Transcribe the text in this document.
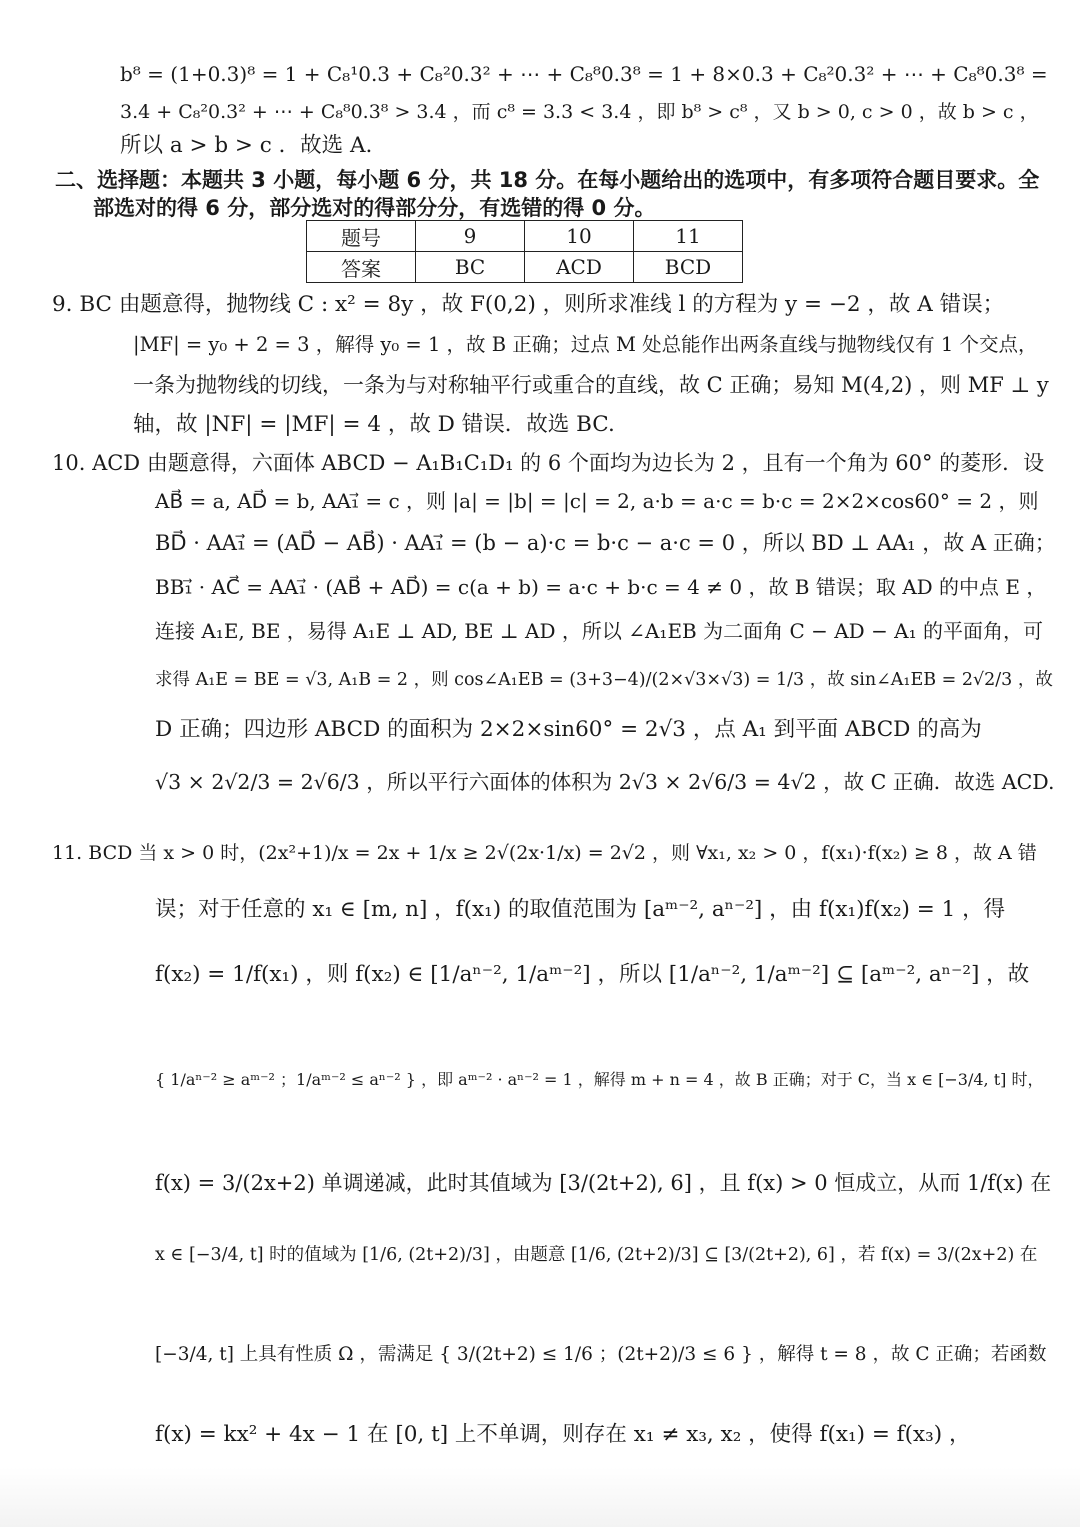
b⁸ = (1+0.3)⁸ = 1 + C₈¹0.3 + C₈²0.3² + ⋯ + C₈⁸0.3⁸ = 1 + 8×0.3 + C₈²0.3² + ⋯ + C₈⁸0.3⁸ =
3.4 + C₈²0.3² + ⋯ + C₈⁸0.3⁸ > 3.4 ，而 c⁸ = 3.3 < 3.4 ，即 b⁸ > c⁸ ，又 b > 0, c > 0 ，故 b > c ，
所以 a > b > c ．故选 A.
二、选择题：本题共 3 小题，每小题 6 分，共 18 分。在每小题给出的选项中，有多项符合题目要求。全
部选对的得 6 分，部分选对的得部分分，有选错的得 0 分。
题号	9	10	11
答案	BC	ACD	BCD
9. BC 由题意得，抛物线 C : x² = 8y ，故 F(0,2) ，则所求准线 l 的方程为 y = −2 ，故 A 错误；
|MF| = y₀ + 2 = 3 ，解得 y₀ = 1 ，故 B 正确；过点 M 处总能作出两条直线与抛物线仅有 1 个交点，
一条为抛物线的切线，一条为与对称轴平行或重合的直线，故 C 正确；易知 M(4,2) ，则 MF ⊥ y
轴，故 |NF| = |MF| = 4 ，故 D 错误．故选 BC.
10. ACD 由题意得，六面体 ABCD − A₁B₁C₁D₁ 的 6 个面均为边长为 2 ，且有一个角为 60° 的菱形．设
AB⃗ = a, AD⃗ = b, AA₁⃗ = c ，则 |a| = |b| = |c| = 2, a·b = a·c = b·c = 2×2×cos60° = 2 ，则
BD⃗ · AA₁⃗ = (AD⃗ − AB⃗) · AA₁⃗ = (b − a)·c = b·c − a·c = 0 ，所以 BD ⊥ AA₁ ，故 A 正确；
BB₁⃗ · AC⃗ = AA₁⃗ · (AB⃗ + AD⃗) = c(a + b) = a·c + b·c = 4 ≠ 0 ，故 B 错误；取 AD 的中点 E ，
连接 A₁E, BE ，易得 A₁E ⊥ AD, BE ⊥ AD ，所以 ∠A₁EB 为二面角 C − AD − A₁ 的平面角，可
求得 A₁E = BE = √3, A₁B = 2 ，则 cos∠A₁EB = (3+3−4)/(2×√3×√3) = 1/3 ，故 sin∠A₁EB = 2√2/3 ，故
D 正确；四边形 ABCD 的面积为 2×2×sin60° = 2√3 ，点 A₁ 到平面 ABCD 的高为
√3 × 2√2/3 = 2√6/3 ，所以平行六面体的体积为 2√3 × 2√6/3 = 4√2 ，故 C 正确．故选 ACD.
11. BCD 当 x > 0 时，(2x²+1)/x = 2x + 1/x ≥ 2√(2x·1/x) = 2√2 ，则 ∀x₁, x₂ > 0 ，f(x₁)·f(x₂) ≥ 8 ，故 A 错
误；对于任意的 x₁ ∈ [m, n] ，f(x₁) 的取值范围为 [aᵐ⁻², aⁿ⁻²] ，由 f(x₁)f(x₂) = 1 ，得
f(x₂) = 1/f(x₁) ，则 f(x₂) ∈ [1/aⁿ⁻², 1/aᵐ⁻²] ，所以 [1/aⁿ⁻², 1/aᵐ⁻²] ⊆ [aᵐ⁻², aⁿ⁻²] ，故
{ 1/aⁿ⁻² ≥ aᵐ⁻² ；1/aᵐ⁻² ≤ aⁿ⁻² } ，即 aᵐ⁻² · aⁿ⁻² = 1 ，解得 m + n = 4 ，故 B 正确；对于 C，当 x ∈ [−3/4, t] 时，
f(x) = 3/(2x+2) 单调递减，此时其值域为 [3/(2t+2), 6] ，且 f(x) > 0 恒成立，从而 1/f(x) 在
x ∈ [−3/4, t] 时的值域为 [1/6, (2t+2)/3] ，由题意 [1/6, (2t+2)/3] ⊆ [3/(2t+2), 6] ，若 f(x) = 3/(2x+2) 在
[−3/4, t] 上具有性质 Ω ，需满足 { 3/(2t+2) ≤ 1/6 ；(2t+2)/3 ≤ 6 } ，解得 t = 8 ，故 C 正确；若函数
f(x) = kx² + 4x − 1 在 [0, t] 上不单调，则存在 x₁ ≠ x₃, x₂ ，使得 f(x₁) = f(x₃) ，
